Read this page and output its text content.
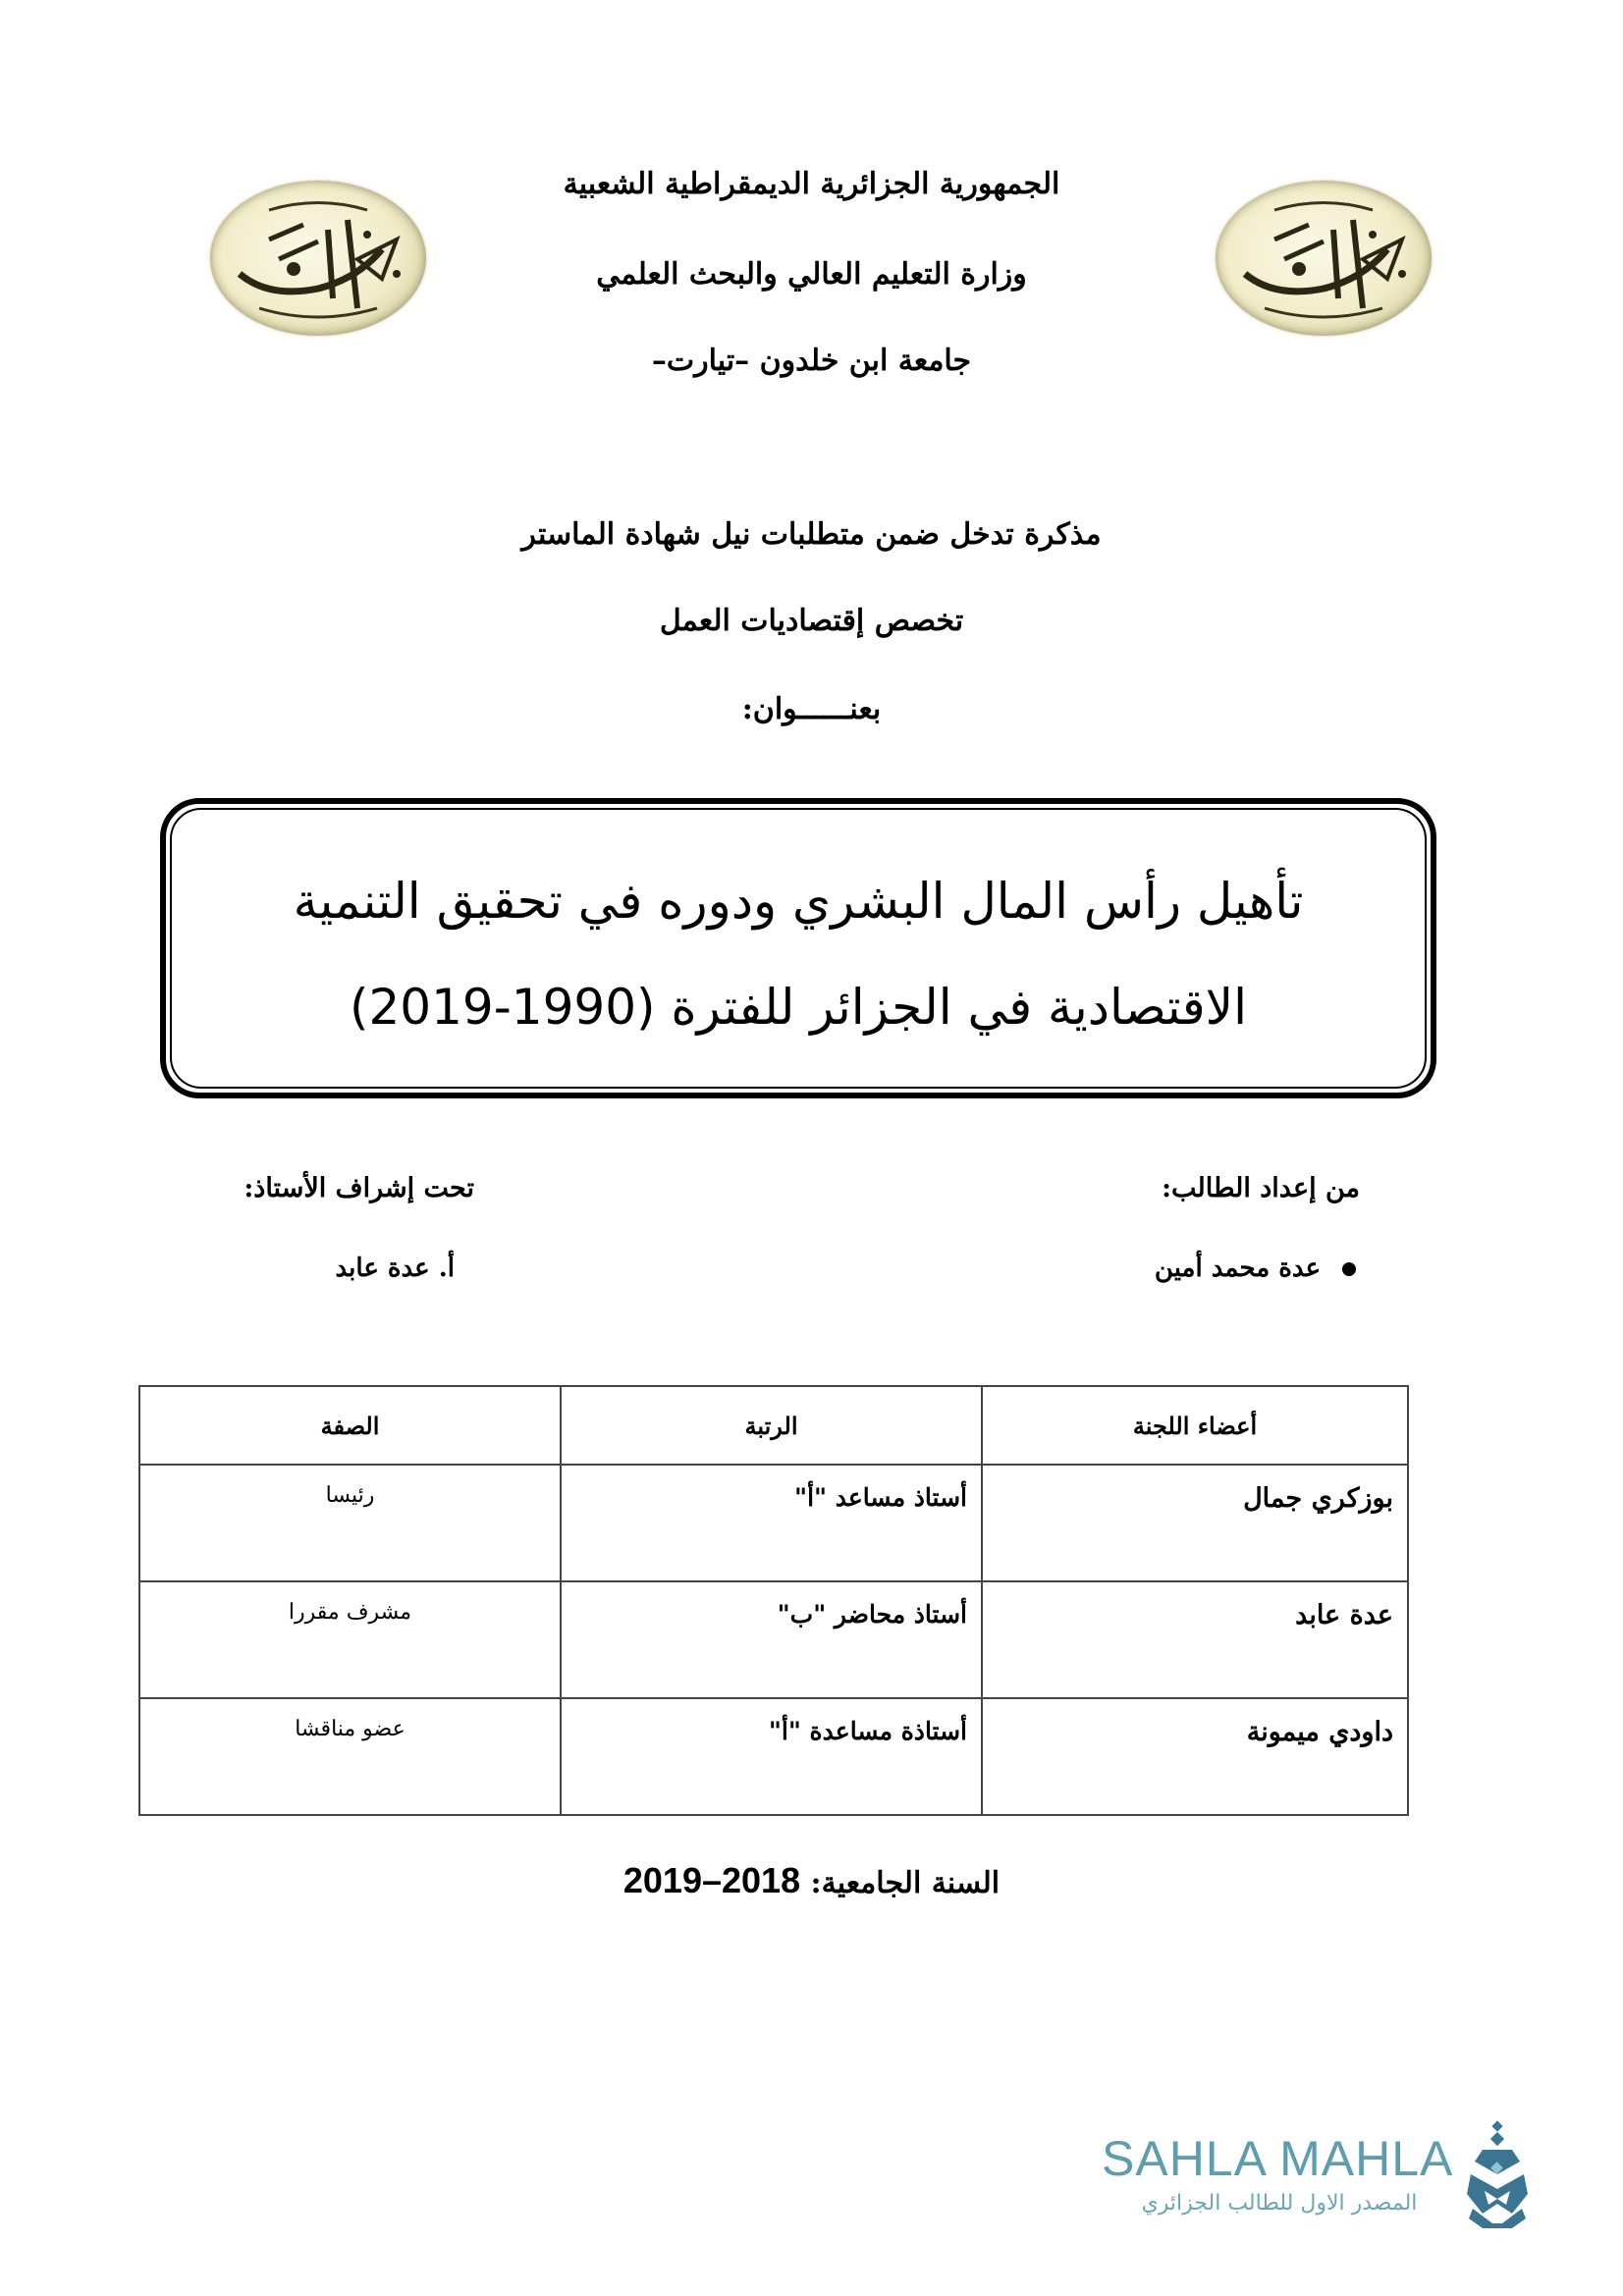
الجمهورية الجزائرية الديمقراطية الشعبية
وزارة التعليم العالي والبحث العلمي
جامعة ابن خلدون –تيارت–
مذكرة تدخل ضمن متطلبات نيل شهادة الماستر
تخصص إقتصاديات العمل
بعنــــــوان:
تأهيل رأس المال البشري ودوره في تحقيق التنمية
الاقتصادية في الجزائر للفترة (1990-2019)
من إعداد الطالب:
تحت إشراف الأستاذ:
عدة محمد أمين
أ. عدة عابد
أعضاء اللجنة	الرتبة	الصفة
بوزكري جمال	أستاذ مساعد "أ"	رئيسا
عدة عابد	أستاذ محاضر "ب"	مشرف مقررا
داودي ميمونة	أستاذة مساعدة "أ"	عضو مناقشا
السنة الجامعية: 2018–2019
SAHLA MAHLA
المصدر الاول للطالب الجزائري
